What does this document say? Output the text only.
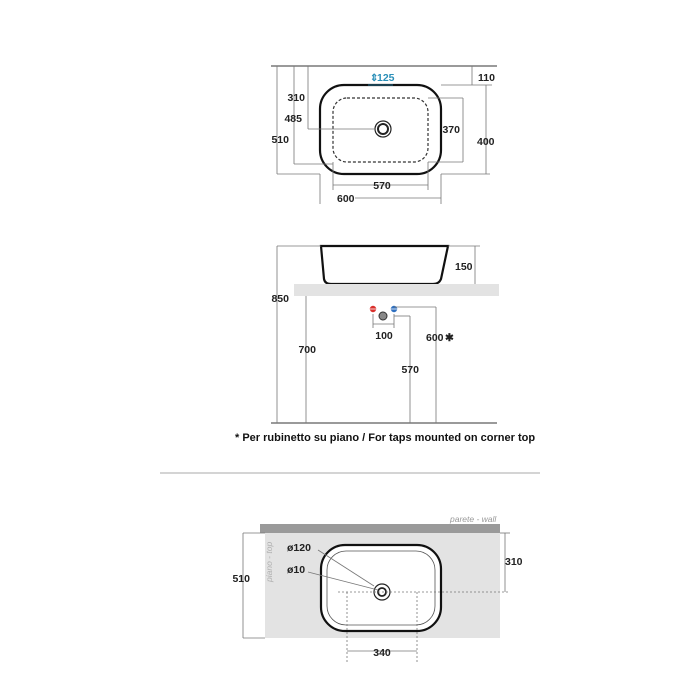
310
485
510
⇕
125	110
370
400
570
600
150
850
700
100
570
600 ✱
parete - wall
piano - top ø120
ø10
510
310
340
* Per rubinetto su piano / For taps mounted on corner top
